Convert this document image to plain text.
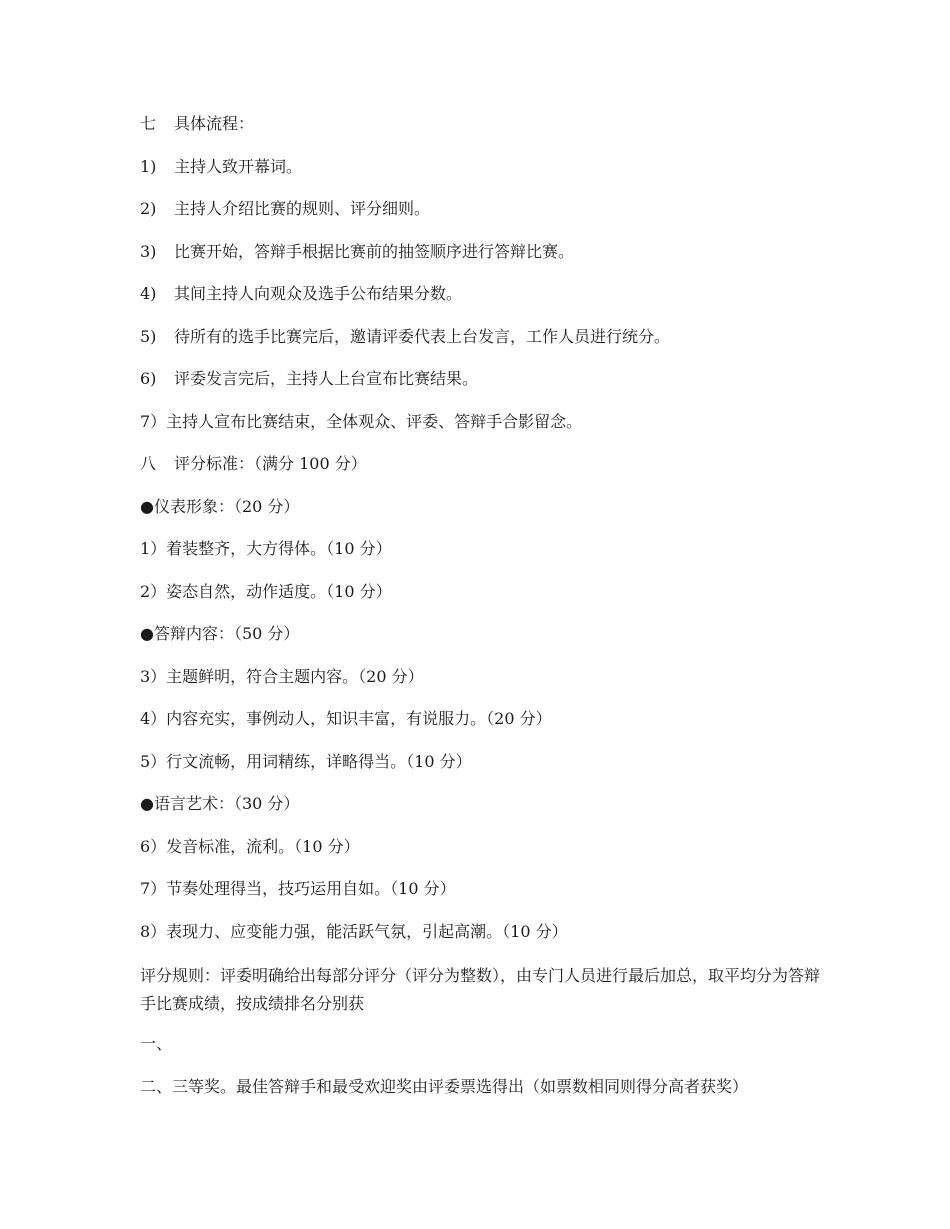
七 具体流程：
1) 主持人致开幕词。
2) 主持人介绍比赛的规则、评分细则。
3) 比赛开始，答辩手根据比赛前的抽签顺序进行答辩比赛。
4) 其间主持人向观众及选手公布结果分数。
5) 待所有的选手比赛完后，邀请评委代表上台发言，工作人员进行统分。
6) 评委发言完后，主持人上台宣布比赛结果。
7）主持人宣布比赛结束，全体观众、评委、答辩手合影留念。
八 评分标准：（满分 100 分）
●仪表形象：（20 分）
1）着装整齐，大方得体。（10 分）
2）姿态自然，动作适度。（10 分）
●答辩内容：（50 分）
3）主题鲜明，符合主题内容。（20 分）
4）内容充实，事例动人，知识丰富，有说服力。（20 分）
5）行文流畅，用词精练，详略得当。（10 分）
●语言艺术：（30 分）
6）发音标准，流利。（10 分）
7）节奏处理得当，技巧运用自如。（10 分）
8）表现力、应变能力强，能活跃气氛，引起高潮。（10 分）
评分规则：评委明确给出每部分评分（评分为整数），由专门人员进行最后加总，取平均分为答辩手比赛成绩，按成绩排名分别获
一、
二、三等奖。最佳答辩手和最受欢迎奖由评委票选得出（如票数相同则得分高者获奖）
